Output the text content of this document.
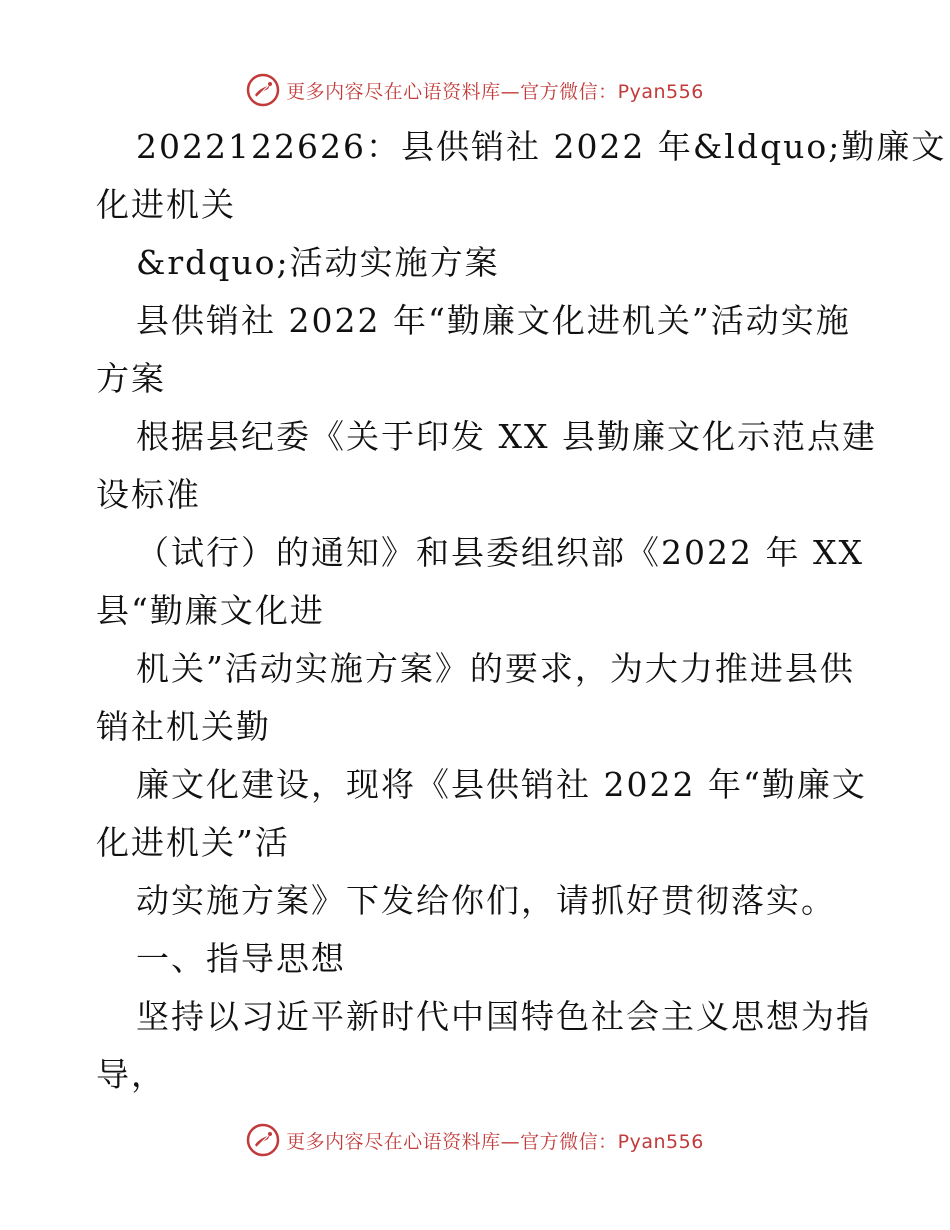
更多内容尽在心语资料库—官方微信：Pyan556
2022122626：县供销社 2022 年&ldquo;勤廉文
化进机关
&rdquo;活动实施方案
县供销社 2022 年“勤廉文化进机关”活动实施
方案
根据县纪委《关于印发 XX 县勤廉文化示范点建
设标准
（试行）的通知》和县委组织部《2022 年 XX
县“勤廉文化进
机关”活动实施方案》的要求，为大力推进县供
销社机关勤
廉文化建设，现将《县供销社 2022 年“勤廉文
化进机关”活
动实施方案》下发给你们，请抓好贯彻落实。
一、指导思想
坚持以习近平新时代中国特色社会主义思想为指
导，
更多内容尽在心语资料库—官方微信：Pyan556
